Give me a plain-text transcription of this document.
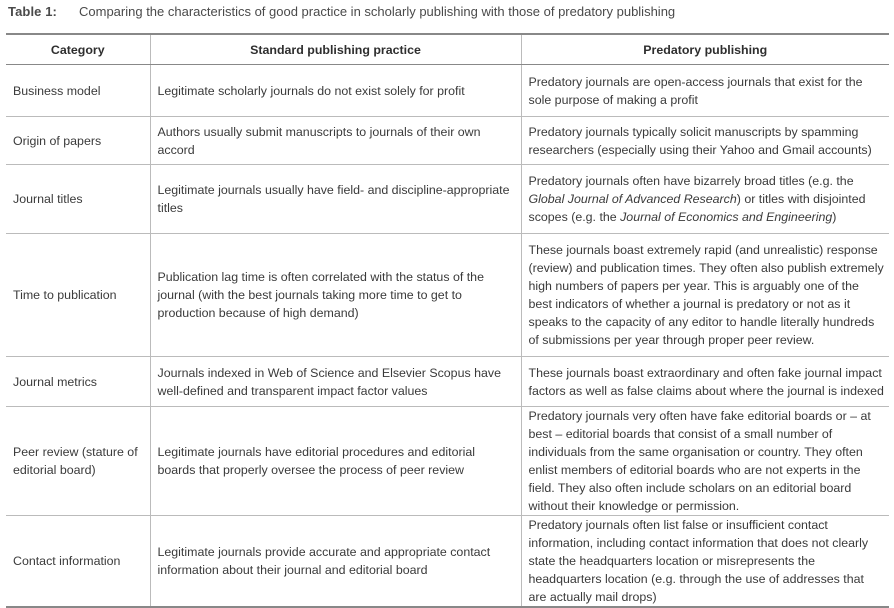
Table 1: Comparing the characteristics of good practice in scholarly publishing with those of predatory publishing
Category	Standard publishing practice	Predatory publishing
Business model	Legitimate scholarly journals do not exist solely for profit	Predatory journals are open-access journals that exist for the sole purpose of making a profit
Origin of papers	Authors usually submit manuscripts to journals of their own accord	Predatory journals typically solicit manuscripts by spamming researchers (especially using their Yahoo and Gmail accounts)
Journal titles	Legitimate journals usually have field- and discipline-appropriate titles	Predatory journals often have bizarrely broad titles (e.g. the Global Journal of Advanced Research) or titles with disjointed scopes (e.g. the Journal of Economics and Engineering)
Time to publication	Publication lag time is often correlated with the status of the journal (with the best journals taking more time to get to production because of high demand)	These journals boast extremely rapid (and unrealistic) response (review) and publication times. They often also publish extremely high numbers of papers per year. This is arguably one of the best indicators of whether a journal is predatory or not as it speaks to the capacity of any editor to handle literally hundreds of submissions per year through proper peer review.
Journal metrics	Journals indexed in Web of Science and Elsevier Scopus have well-defined and transparent impact factor values	These journals boast extraordinary and often fake journal impact factors as well as false claims about where the journal is indexed
Peer review (stature of editorial board)	Legitimate journals have editorial procedures and editorial boards that properly oversee the process of peer review	Predatory journals very often have fake editorial boards or – at best – editorial boards that consist of a small number of individuals from the same organisation or country. They often enlist members of editorial boards who are not experts in the field. They also often include scholars on an editorial board without their knowledge or permission.
Contact information	Legitimate journals provide accurate and appropriate contact information about their journal and editorial board	Predatory journals often list false or insufficient contact information, including contact information that does not clearly state the headquarters location or misrepresents the headquarters location (e.g. through the use of addresses that are actually mail drops)
